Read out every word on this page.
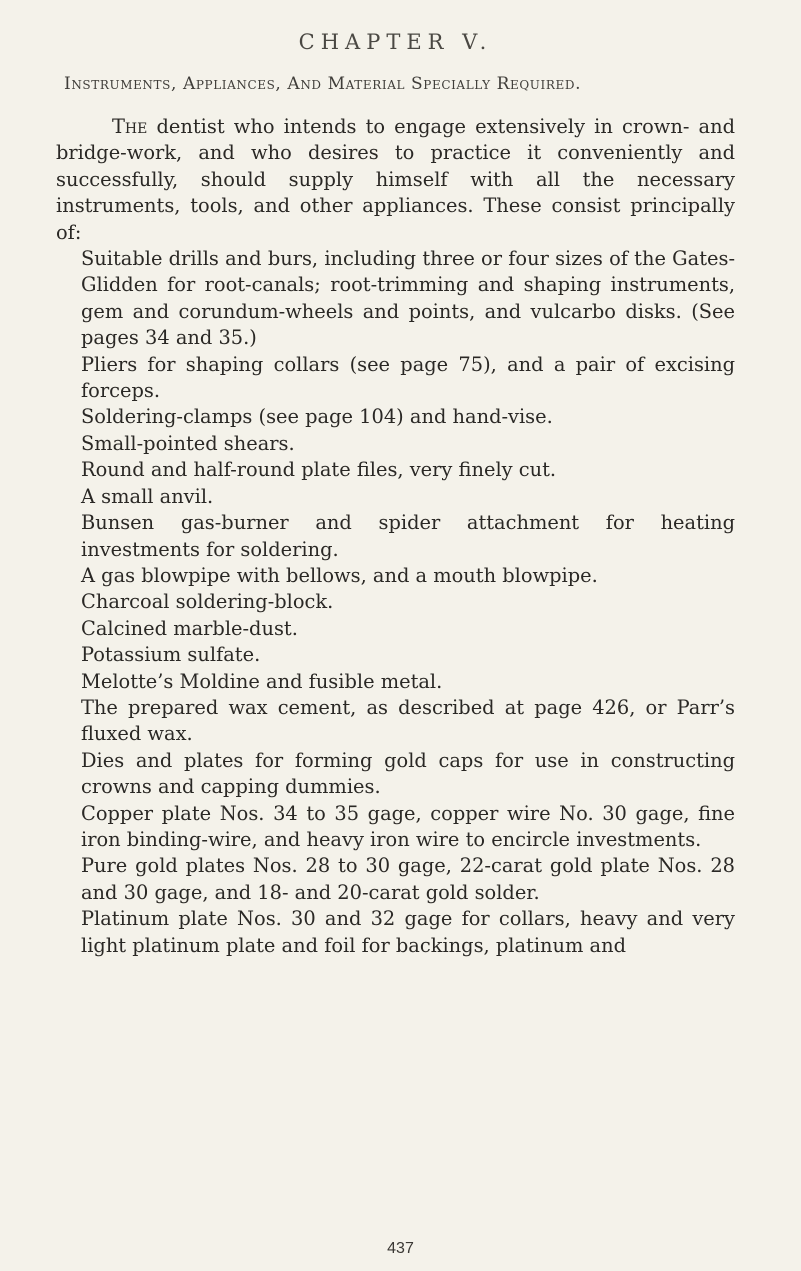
CHAPTER V.
Instruments, Appliances, And Material Specially Required.

The dentist who intends to engage extensively in crown- and bridge-work, and who desires to practice it conveniently and successfully, should supply himself with all the necessary instruments, tools, and other appliances. These consist principally of:

Suitable drills and burs, including three or four sizes of the Gates-Glidden for root-canals; root-trimming and shaping instruments, gem and corundum-wheels and points, and vulcarbo disks. (See pages 34 and 35.)
Pliers for shaping collars (see page 75), and a pair of excising forceps.
Soldering-clamps (see page 104) and hand-vise.
Small-pointed shears.
Round and half-round plate files, very finely cut.
A small anvil.
Bunsen gas-burner and spider attachment for heating investments for soldering.
A gas blowpipe with bellows, and a mouth blowpipe.
Charcoal soldering-block.
Calcined marble-dust.
Potassium sulfate.
Melotte’s Moldine and fusible metal.
The prepared wax cement, as described at page 426, or Parr’s fluxed wax.
Dies and plates for forming gold caps for use in constructing crowns and capping dummies.
Copper plate Nos. 34 to 35 gage, copper wire No. 30 gage, fine iron binding-wire, and heavy iron wire to encircle investments.
Pure gold plates Nos. 28 to 30 gage, 22-carat gold plate Nos. 28 and 30 gage, and 18- and 20-carat gold solder.
Platinum plate Nos. 30 and 32 gage for collars, heavy and very light platinum plate and foil for backings, platinum and
437
